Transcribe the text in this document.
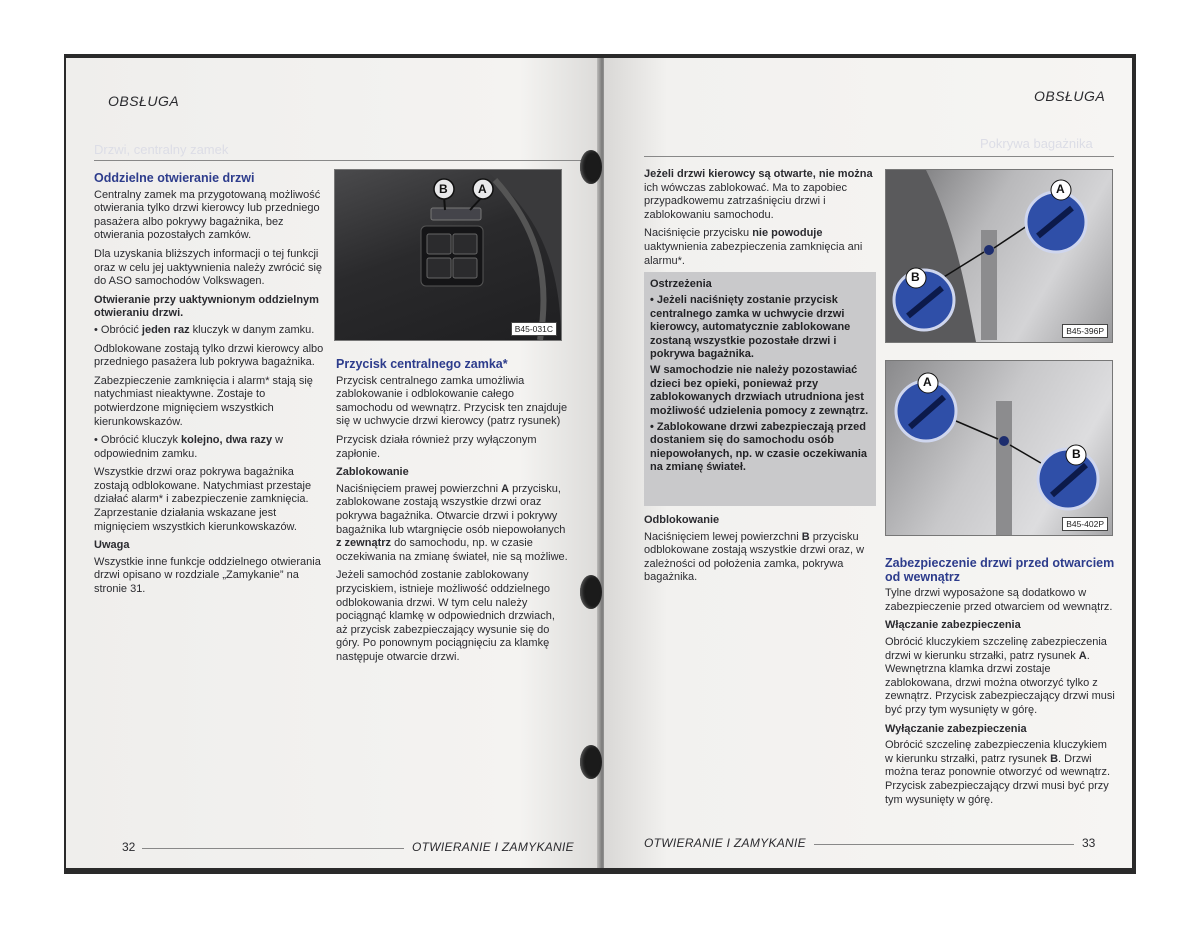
OBSŁUGA
Drzwi, centralny zamek
Oddzielne otwieranie drzwi

Centralny zamek ma przygotowaną możliwość otwierania tylko drzwi kierowcy lub przedniego pasażera albo pokrywy bagażnika, bez otwierania pozostałych zamków.

Dla uzyskania bliższych informacji o tej funkcji oraz w celu jej uaktywnienia należy zwrócić się do ASO samochodów Volkswagen.

Otwieranie przy uaktywnionym oddzielnym otwieraniu drzwi.

• Obrócić jeden raz kluczyk w danym zamku.

Odblokowane zostają tylko drzwi kierowcy albo przedniego pasażera lub pokrywa bagażnika.

Zabezpieczenie zamknięcia i alarm* stają się natychmiast nieaktywne. Zostaje to potwierdzone mignięciem wszystkich kierunkowskazów.

• Obrócić kluczyk kolejno, dwa razy w odpowiednim zamku.

Wszystkie drzwi oraz pokrywa bagażnika zostają odblokowane. Natychmiast przestaje działać alarm* i zabezpieczenie zamknięcia. Zaprzestanie działania wskazane jest mignięciem wszystkich kierunkowskazów.

Uwaga

Wszystkie inne funkcje oddzielnego otwierania drzwi opisano w rozdziale „Zamykanie” na stronie 31.

B	A
B45-031C
Przycisk centralnego zamka*

Przycisk centralnego zamka umożliwia zablokowanie i odblokowanie całego samochodu od wewnątrz. Przycisk ten znajduje się w uchwycie drzwi kierowcy (patrz rysunek)

Przycisk działa również przy wyłączonym zapłonie.

Zablokowanie

Naciśnięciem prawej powierzchni A przycisku, zablokowane zostają wszystkie drzwi oraz pokrywa bagażnika. Otwarcie drzwi i pokrywy bagażnika lub wtargnięcie osób niepowołanych z zewnątrz do samochodu, np. w czasie oczekiwania na zmianę świateł, nie są możliwe.

Jeżeli samochód zostanie zablokowany przyciskiem, istnieje możliwość oddzielnego odblokowania drzwi. W tym celu należy pociągnąć klamkę w odpowiednich drzwiach, aż przycisk zabezpieczający wysunie się do góry. Po ponownym pociągnięciu za klamkę następuje otwarcie drzwi.

32	OTWIERANIE I ZAMYKANIE
OBSŁUGA
Pokrywa bagażnika

Jeżeli drzwi kierowcy są otwarte, nie można ich wówczas zablokować. Ma to zapobiec przypadkowemu zatrzaśnięciu drzwi i zablokowaniu samochodu.

Naciśnięcie przycisku nie powoduje uaktywnienia zabezpieczenia zamknięcia ani alarmu*.

Ostrzeżenia

• Jeżeli naciśnięty zostanie przycisk centralnego zamka w uchwycie drzwi kierowcy, automatycznie zablokowane zostaną wszystkie pozostałe drzwi i pokrywa bagażnika.

W samochodzie nie należy pozostawiać dzieci bez opieki, ponieważ przy zablokowanych drzwiach utrudniona jest możliwość udzielenia pomocy z zewnątrz.

• Zablokowane drzwi zabezpieczają przed dostaniem się do samochodu osób niepowołanych, np. w czasie oczekiwania na zmianę świateł.

Odblokowanie

Naciśnięciem lewej powierzchni B przycisku odblokowane zostają wszystkie drzwi oraz, w zależności od położenia zamka, pokrywa bagażnika.

A
B
B45-396P
A
B
B45-402P
Zabezpieczenie drzwi przed otwarciem od wewnątrz

Tylne drzwi wyposażone są dodatkowo w zabezpieczenie przed otwarciem od wewnątrz.

Włączanie zabezpieczenia

Obrócić kluczykiem szczelinę zabezpieczenia drzwi w kierunku strzałki, patrz rysunek A. Wewnętrzna klamka drzwi zostaje zablokowana, drzwi można otworzyć tylko z zewnątrz. Przycisk zabezpieczający drzwi musi być przy tym wysunięty w górę.

Wyłączanie zabezpieczenia

Obrócić szczelinę zabezpieczenia kluczykiem w kierunku strzałki, patrz rysunek B. Drzwi można teraz ponownie otworzyć od wewnątrz. Przycisk zabezpieczający drzwi musi być przy tym wysunięty w górę.

OTWIERANIE I ZAMYKANIE	33
